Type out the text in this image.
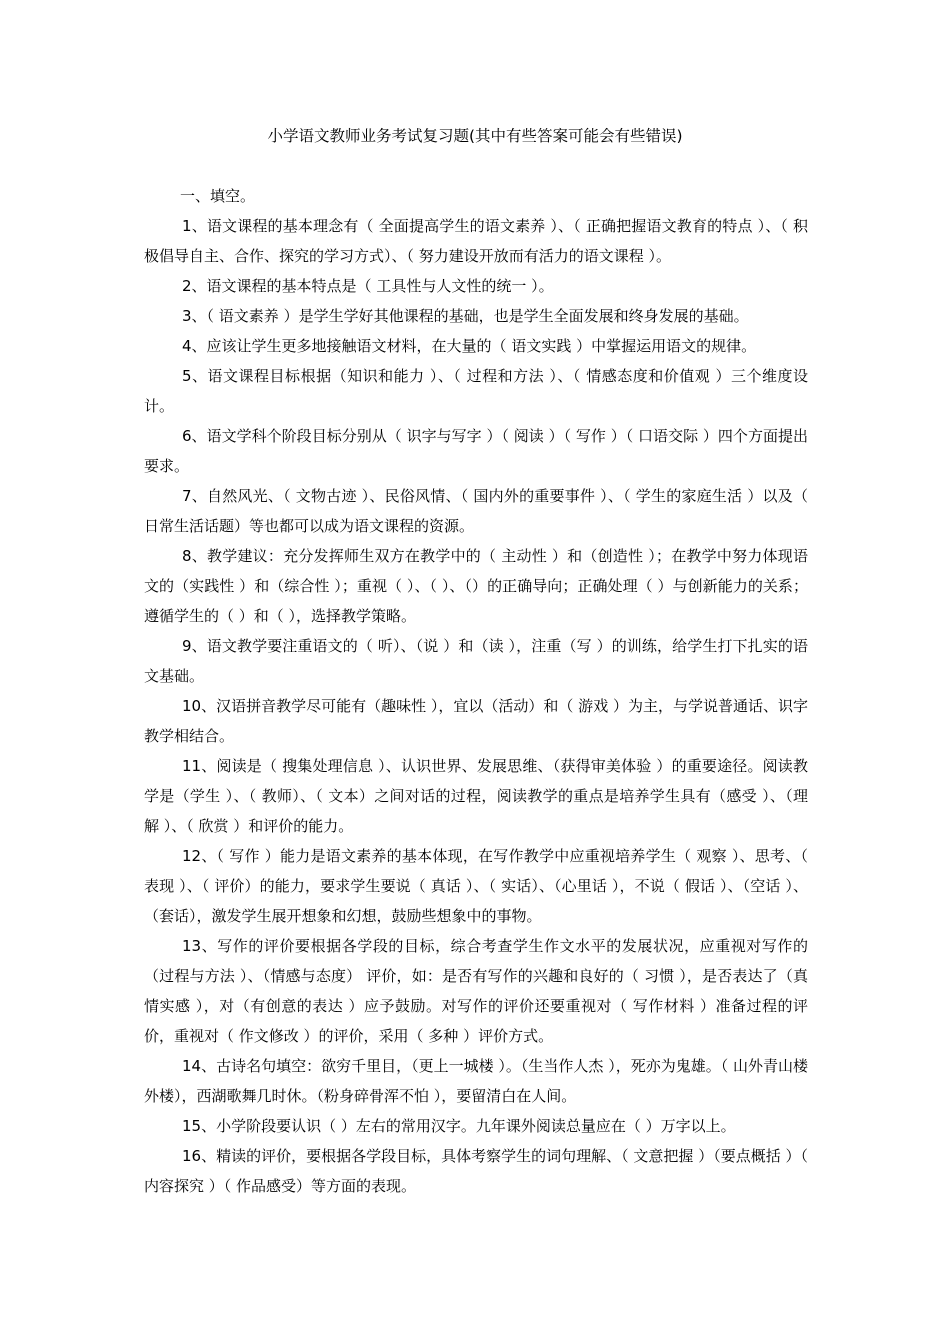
小学语文教师业务考试复习题(其中有些答案可能会有些错误)

一、填空。

1、语文课程的基本理念有（ 全面提高学生的语文素养 ）、（ 正确把握语文教育的特点 ）、（ 积极倡导自主、合作、探究的学习方式）、（ 努力建设开放而有活力的语文课程 ）。

2、语文课程的基本特点是（ 工具性与人文性的统一 ）。

3、（ 语文素养 ）是学生学好其他课程的基础，也是学生全面发展和终身发展的基础。

4、应该让学生更多地接触语文材料，在大量的（ 语文实践 ）中掌握运用语文的规律。

5、语文课程目标根据（知识和能力 ）、（ 过程和方法 ）、（ 情感态度和价值观 ）三个维度设计。

6、语文学科个阶段目标分别从（ 识字与写字 ）（ 阅读 ）（ 写作 ）（ 口语交际 ）四个方面提出要求。

7、自然风光、（ 文物古迹 ）、民俗风情、（ 国内外的重要事件 ）、（ 学生的家庭生活 ）以及（ 日常生活话题）等也都可以成为语文课程的资源。

8、教学建议：充分发挥师生双方在教学中的（ 主动性 ）和（创造性 ）；在教学中努力体现语文的（实践性 ）和（综合性 ）；重视（ ）、（ ）、（）的正确导向；正确处理（ ）与创新能力的关系；遵循学生的（ ）和（ ），选择教学策略。

9、语文教学要注重语文的（ 听）、（说 ）和（读 ），注重（写 ）的训练，给学生打下扎实的语文基础。

10、汉语拼音教学尽可能有（趣味性 ），宜以（活动）和（ 游戏 ）为主，与学说普通话、识字教学相结合。

11、阅读是（ 搜集处理信息 ）、认识世界、发展思维、（获得审美体验 ）的重要途径。阅读教学是（学生 ）、（ 教师）、（ 文本）之间对话的过程，阅读教学的重点是培养学生具有（感受 ）、（理解 ）、（ 欣赏 ）和评价的能力。

12、（ 写作 ）能力是语文素养的基本体现，在写作教学中应重视培养学生（ 观察 ）、思考、（ 表现 ）、（ 评价）的能力，要求学生要说（ 真话 ）、（ 实话）、（心里话 ），不说（ 假话 ）、（空话 ）、（套话），激发学生展开想象和幻想，鼓励些想象中的事物。

13、写作的评价要根据各学段的目标，综合考查学生作文水平的发展状况，应重视对写作的（过程与方法 ）、（情感与态度） 评价，如：是否有写作的兴趣和良好的（ 习惯 ），是否表达了（真情实感 ），对（有创意的表达 ）应予鼓励。对写作的评价还要重视对（ 写作材料 ）准备过程的评价，重视对（ 作文修改 ）的评价，采用（ 多种 ）评价方式。

14、古诗名句填空：欲穷千里目，（更上一城楼 ）。（生当作人杰 ），死亦为鬼雄。（ 山外青山楼外楼），西湖歌舞几时休。（粉身碎骨浑不怕 ），要留清白在人间。

15、小学阶段要认识（ ）左右的常用汉字。九年课外阅读总量应在（ ）万字以上。

16、精读的评价，要根据各学段目标，具体考察学生的词句理解、（ 文意把握 ）（要点概括 ）（ 内容探究 ）（ 作品感受）等方面的表现。
